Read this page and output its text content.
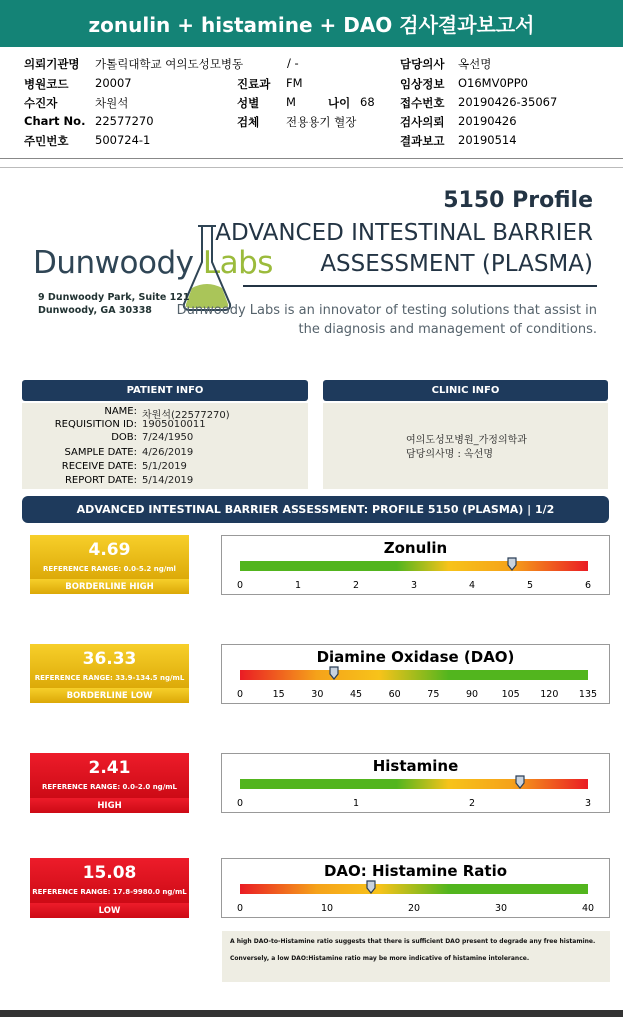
zonulin + histamine + DAO 검사결과보고서
의뢰기관명 가톨릭대학교 여의도성모병동	/ -	담당의사 옥선명
병원코드 20007	진료과 FM	임상정보 O16MV0PP0
수진자	차원석	성별 M	나이 68 접수번호 20190426-35067
Chart No. 22577270	검체 전용용기 혈장	검사의뢰 20190426
주민번호 500724-1	결과보고 20190514
Dunwoody Labs
9 Dunwoody Park, Suite 121
Dunwoody, GA 30338
5150 Profile
ADVANCED INTESTINAL BARRIER
ASSESSMENT (PLASMA)
Dunwoody Labs is an innovator of testing solutions that assist in
the diagnosis and management of conditions.
PATIENT INFO
NAME: 차원석(22577270)
REQUISITION ID: 1905010011
DOB: 7/24/1950
SAMPLE DATE: 4/26/2019
RECEIVE DATE: 5/1/2019
REPORT DATE: 5/14/2019
CLINIC INFO
여의도성모병원_가정의학과
담당의사명 : 옥선명
ADVANCED INTESTINAL BARRIER ASSESSMENT: PROFILE 5150 (PLASMA) | 1/2
4.69
REFERENCE RANGE: 0.0-5.2 ng/ml
BORDERLINE HIGH
36.33
REFERENCE RANGE: 33.9-134.5 ng/mL
BORDERLINE LOW
2.41
REFERENCE RANGE: 0.0-2.0 ng/mL
HIGH
15.08
REFERENCE RANGE: 17.8-9980.0 ng/mL
LOW
Zonulin
0	1	2	3	4	5	6
Diamine Oxidase (DAO)
0	15	30	45	60	75	90 105 120 135
Histamine
0	1	2	3
DAO: Histamine Ratio
0	10	20	30	40
A high DAO-to-Histamine ratio suggests that there is sufficient DAO present to degrade any free histamine.
Conversely, a low DAO:Histamine ratio may be more indicative of histamine intolerance.
